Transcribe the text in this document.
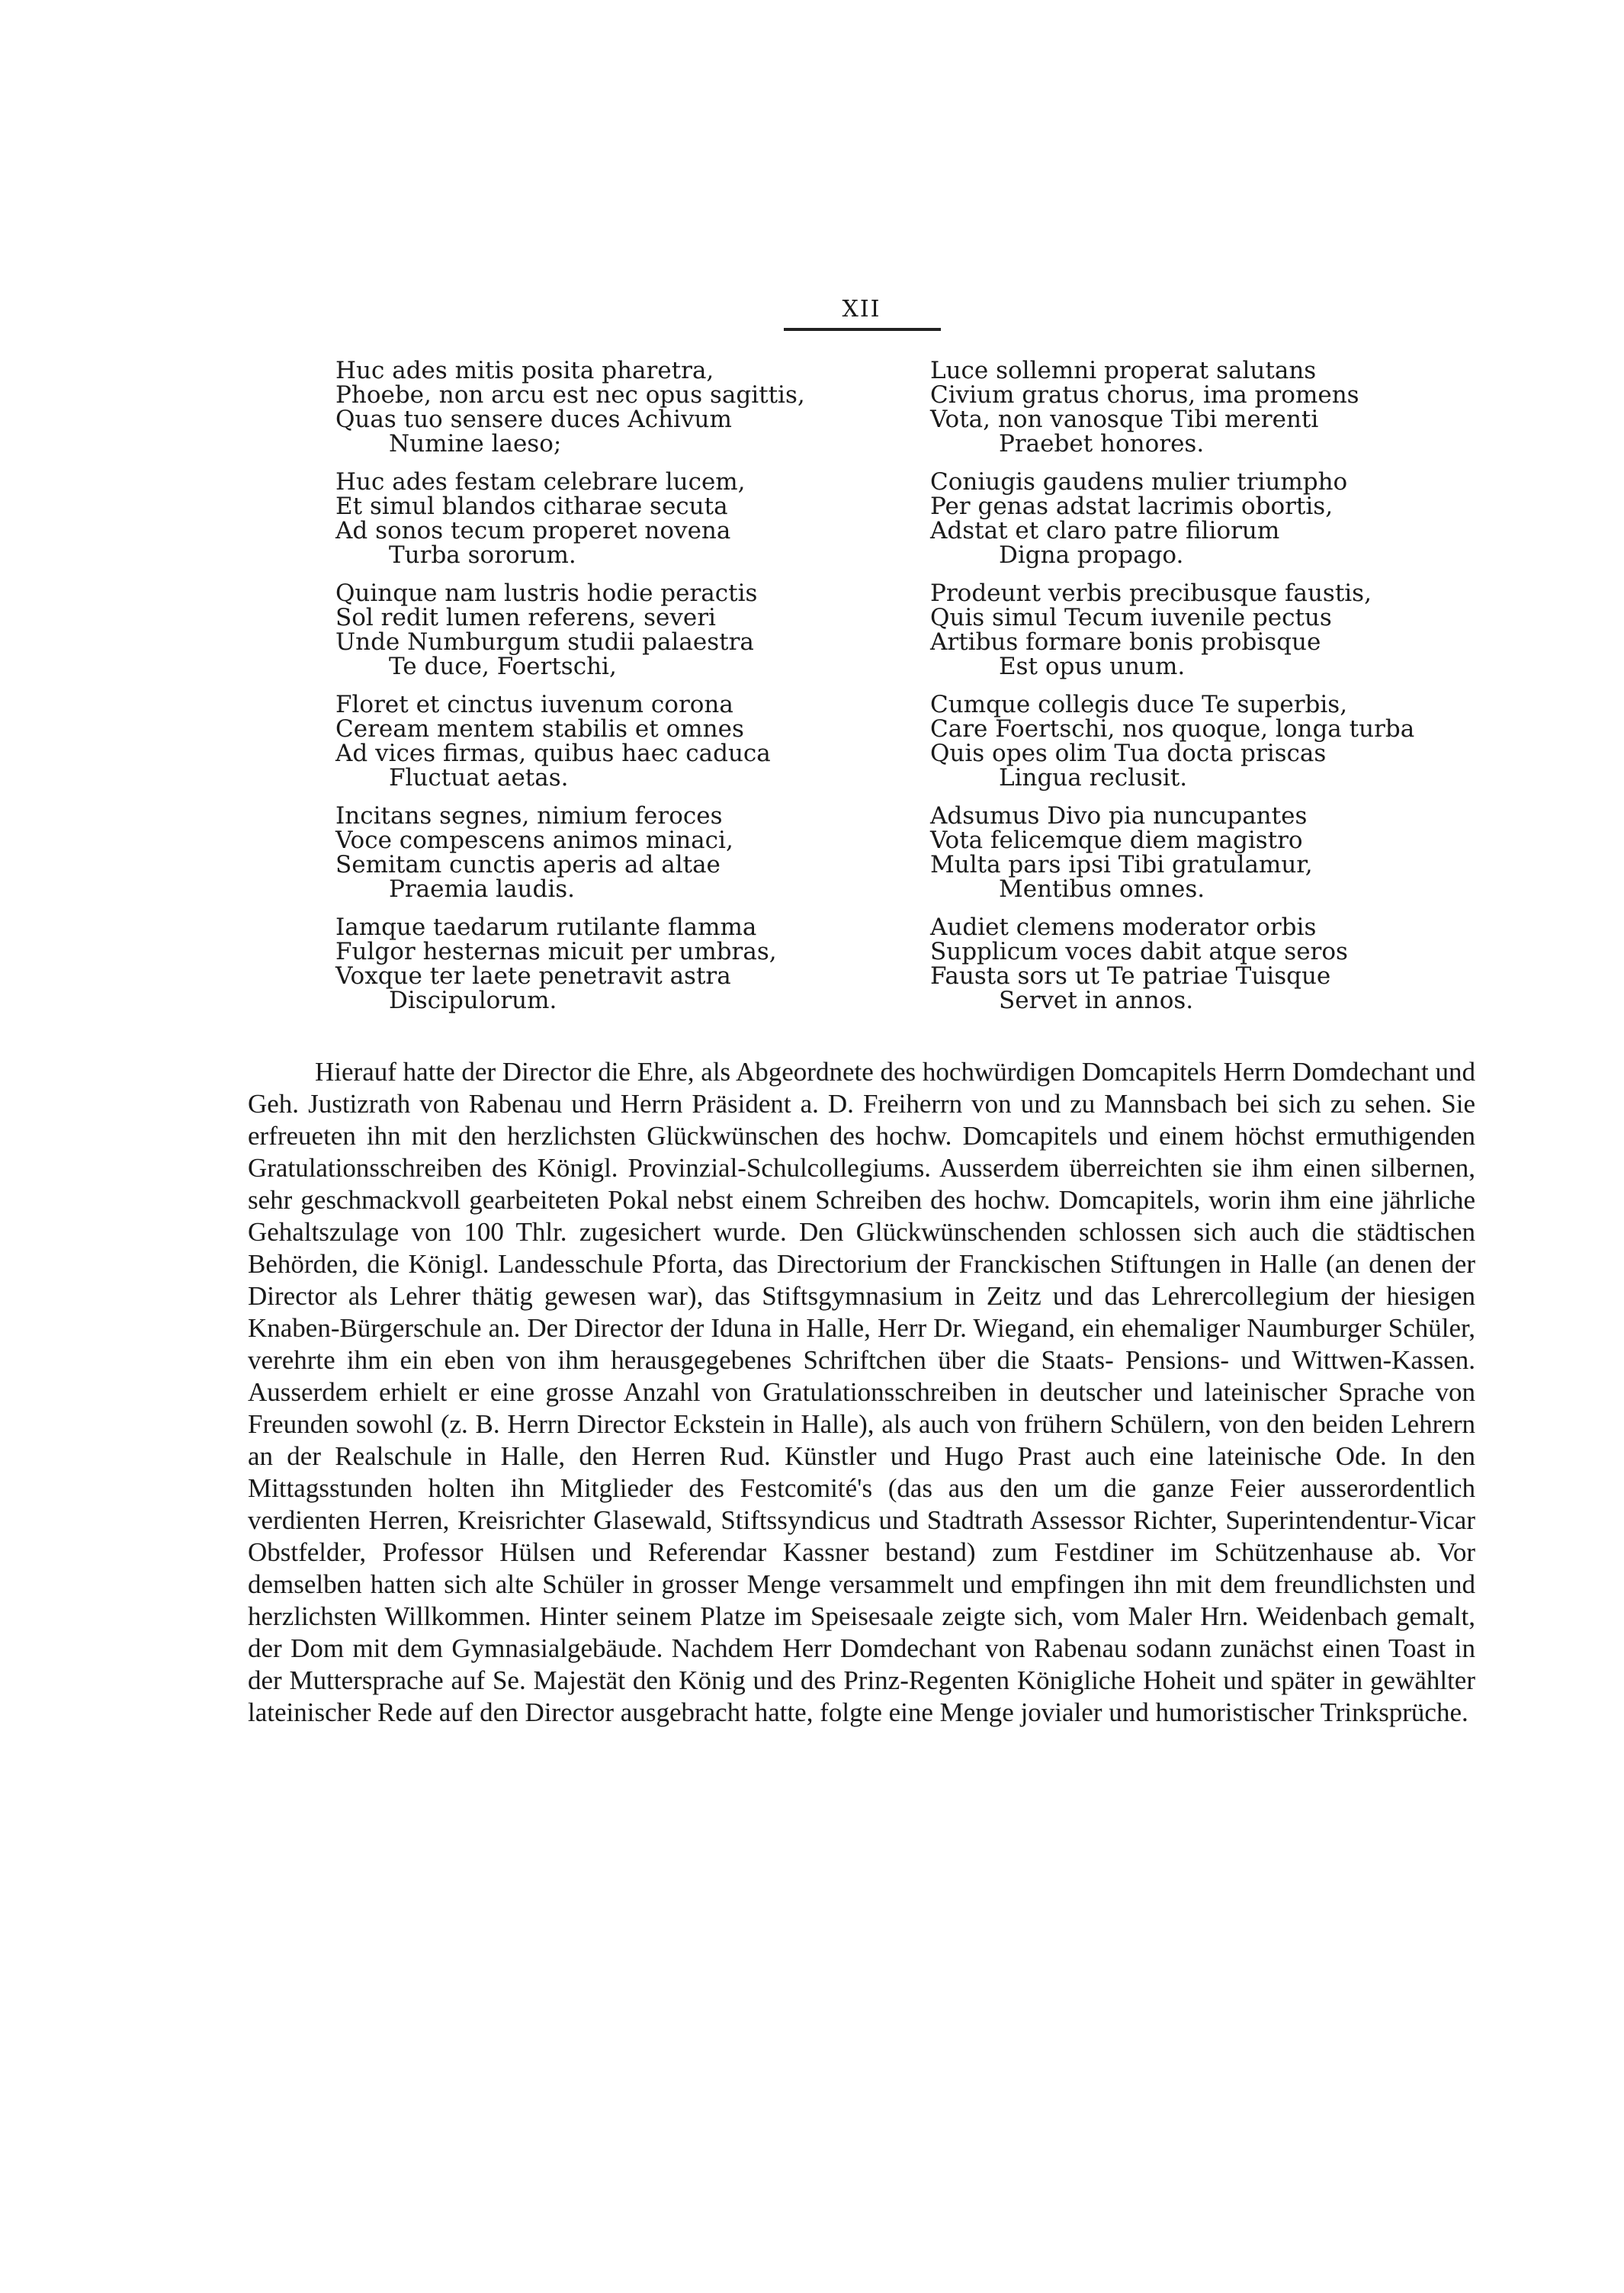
XII
Huc ades mitis posita pharetra,
Phoebe, non arcu est nec opus sagittis,
Quas tuo sensere duces Achivum
Numine laeso;
Huc ades festam celebrare lucem,
Et simul blandos citharae secuta
Ad sonos tecum properet novena
Turba sororum.
Quinque nam lustris hodie peractis
Sol redit lumen referens, severi
Unde Numburgum studii palaestra
Te duce, Foertschi,
Floret et cinctus iuvenum corona
Ceream mentem stabilis et omnes
Ad vices firmas, quibus haec caduca
Fluctuat aetas.
Incitans segnes, nimium feroces
Voce compescens animos minaci,
Semitam cunctis aperis ad altae
Praemia laudis.
Iamque taedarum rutilante flamma
Fulgor hesternas micuit per umbras,
Voxque ter laete penetravit astra
Discipulorum.
Luce sollemni properat salutans
Civium gratus chorus, ima promens
Vota, non vanosque Tibi merenti
Praebet honores.
Coniugis gaudens mulier triumpho
Per genas adstat lacrimis obortis,
Adstat et claro patre filiorum
Digna propago.
Prodeunt verbis precibusque faustis,
Quis simul Tecum iuvenile pectus
Artibus formare bonis probisque
Est opus unum.
Cumque collegis duce Te superbis,
Care Foertschi, nos quoque, longa turba
Quis opes olim Tua docta priscas
Lingua reclusit.
Adsumus Divo pia nuncupantes
Vota felicemque diem magistro
Multa pars ipsi Tibi gratulamur,
Mentibus omnes.
Audiet clemens moderator orbis
Supplicum voces dabit atque seros
Fausta sors ut Te patriae Tuisque
Servet in annos.

Hierauf hatte der Director die Ehre, als Abgeordnete des hochwürdigen Domcapitels Herrn Domdechant und Geh. Justizrath von Rabenau und Herrn Präsident a. D. Freiherrn von und zu Mannsbach bei sich zu sehen. Sie erfreueten ihn mit den herzlichsten Glückwünschen des hochw. Domcapitels und einem höchst ermuthigenden Gratulationsschreiben des Königl. Provinzial-Schulcollegiums. Ausserdem überreichten sie ihm einen silbernen, sehr geschmackvoll gearbeiteten Pokal nebst einem Schreiben des hochw. Domcapitels, worin ihm eine jährliche Gehaltszulage von 100 Thlr. zugesichert wurde. Den Glückwünschenden schlossen sich auch die städtischen Behörden, die Königl. Landesschule Pforta, das Directorium der Franckischen Stiftungen in Halle (an denen der Director als Lehrer thätig gewesen war), das Stiftsgymnasium in Zeitz und das Lehrercollegium der hiesigen Knaben-Bürgerschule an. Der Director der Iduna in Halle, Herr Dr. Wiegand, ein ehemaliger Naumburger Schüler, verehrte ihm ein eben von ihm herausgegebenes Schriftchen über die Staats- Pensions- und Wittwen-Kassen. Ausserdem erhielt er eine grosse Anzahl von Gratulationsschreiben in deutscher und lateinischer Sprache von Freunden sowohl (z. B. Herrn Director Eckstein in Halle), als auch von frühern Schülern, von den beiden Lehrern an der Realschule in Halle, den Herren Rud. Künstler und Hugo Prast auch eine lateinische Ode. In den Mittagsstunden holten ihn Mitglieder des Festcomité's (das aus den um die ganze Feier ausserordentlich verdienten Herren, Kreisrichter Glasewald, Stiftssyndicus und Stadtrath Assessor Richter, Superintendentur-Vicar Obstfelder, Professor Hülsen und Referendar Kassner bestand) zum Festdiner im Schützenhause ab. Vor demselben hatten sich alte Schüler in grosser Menge versammelt und empfingen ihn mit dem freundlichsten und herzlichsten Willkommen. Hinter seinem Platze im Speisesaale zeigte sich, vom Maler Hrn. Weidenbach gemalt, der Dom mit dem Gymnasialgebäude. Nachdem Herr Domdechant von Rabenau sodann zunächst einen Toast in der Muttersprache auf Se. Majestät den König und des Prinz-Regenten Königliche Hoheit und später in gewählter lateinischer Rede auf den Director ausgebracht hatte, folgte eine Menge jovialer und humoristischer Trinksprüche.
